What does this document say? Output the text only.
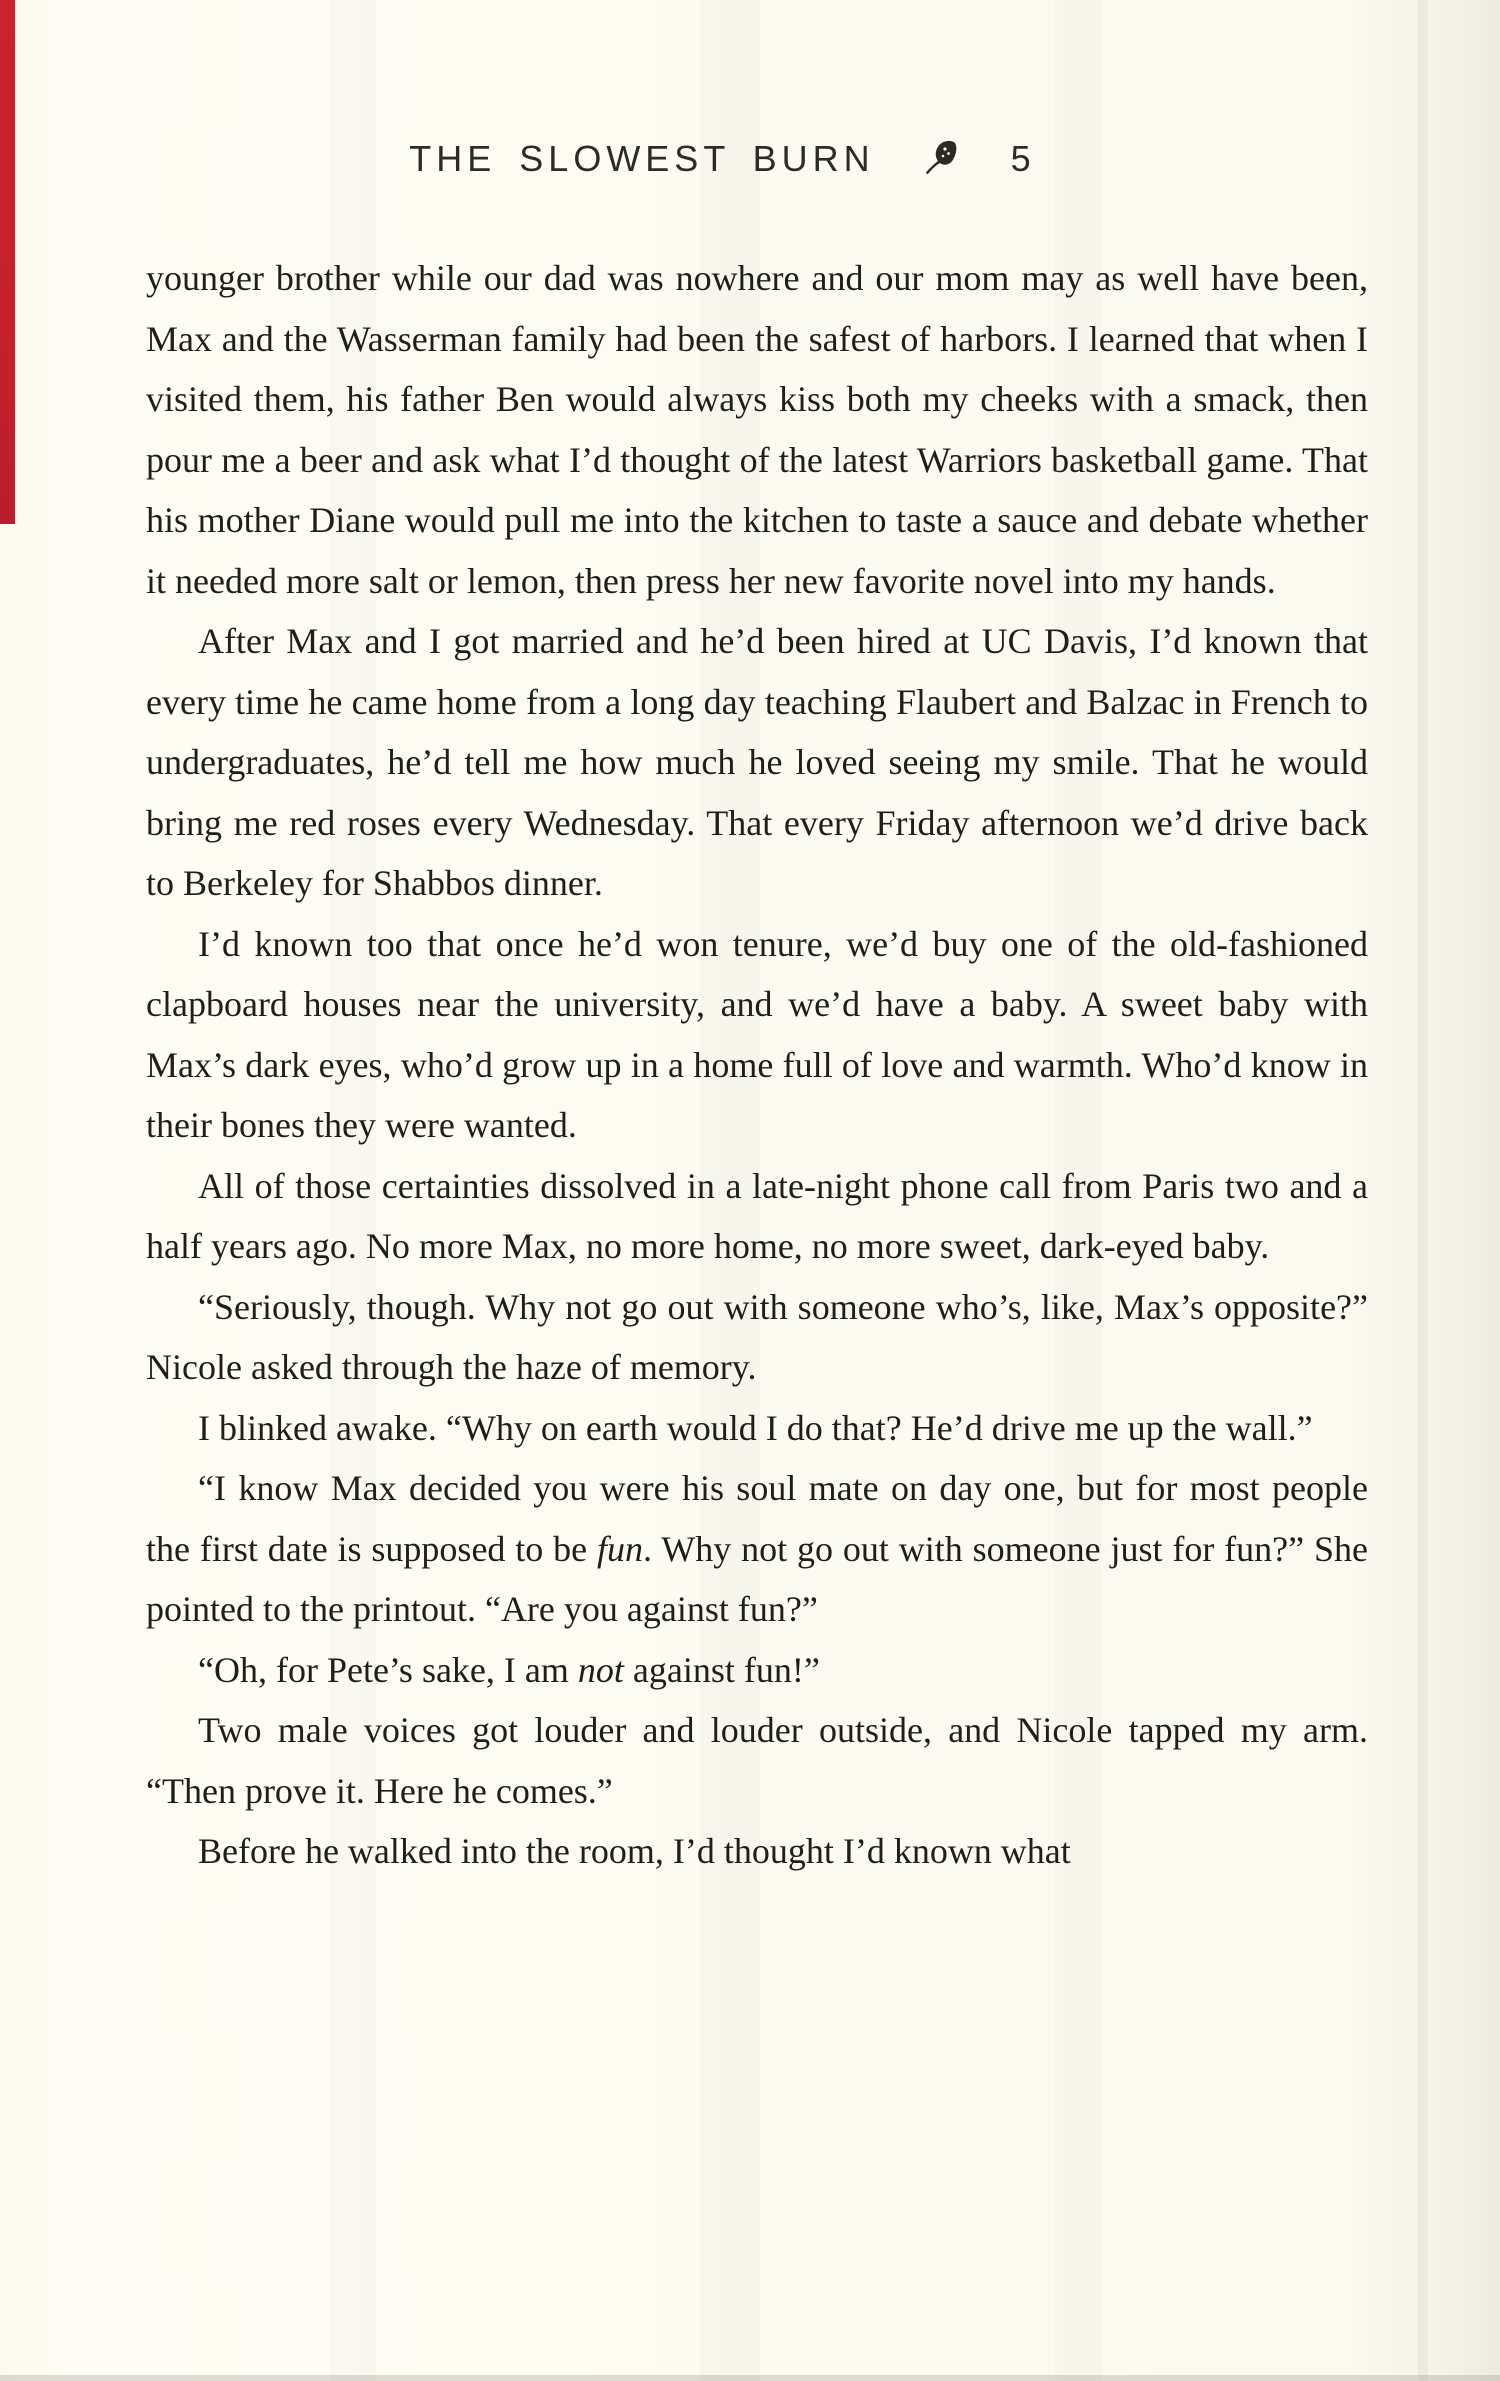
THE SLOWEST BURN	5

younger brother while our dad was nowhere and our mom may as well have been, Max and the Wasserman family had been the safest of harbors. I learned that when I visited them, his father Ben would always kiss both my cheeks with a smack, then pour me a beer and ask what I’d thought of the latest Warriors basketball game. That his mother Diane would pull me into the kitchen to taste a sauce and debate whether it needed more salt or lemon, then press her new favorite novel into my hands.

After Max and I got married and he’d been hired at UC Davis, I’d known that every time he came home from a long day teaching Flaubert and Balzac in French to undergraduates, he’d tell me how much he loved seeing my smile. That he would bring me red roses every Wednesday. That every Friday afternoon we’d drive back to Berkeley for Shabbos dinner.

I’d known too that once he’d won tenure, we’d buy one of the old-fashioned clapboard houses near the university, and we’d have a baby. A sweet baby with Max’s dark eyes, who’d grow up in a home full of love and warmth. Who’d know in their bones they were wanted.

All of those certainties dissolved in a late-night phone call from Paris two and a half years ago. No more Max, no more home, no more sweet, dark-eyed baby.

“Seriously, though. Why not go out with someone who’s, like, Max’s opposite?” Nicole asked through the haze of memory.

I blinked awake. “Why on earth would I do that? He’d drive me up the wall.”

“I know Max decided you were his soul mate on day one, but for most people the first date is supposed to be fun. Why not go out with someone just for fun?” She pointed to the printout. “Are you against fun?”

“Oh, for Pete’s sake, I am not against fun!”

Two male voices got louder and louder outside, and Nicole tapped my arm. “Then prove it. Here he comes.”

Before he walked into the room, I’d thought I’d known what
